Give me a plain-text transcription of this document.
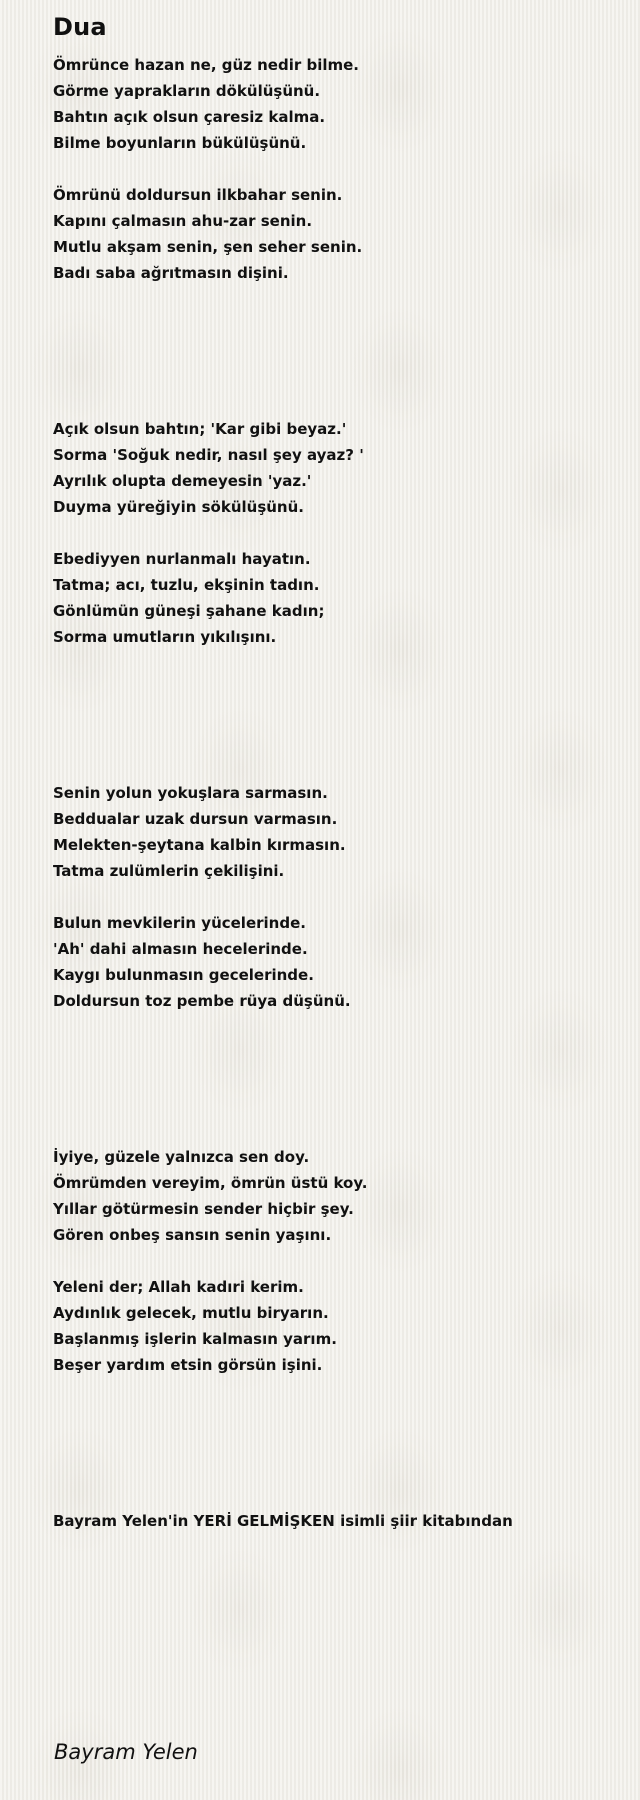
Dua
Ömrünce hazan ne, güz nedir bilme.
Görme yaprakların dökülüşünü.
Bahtın açık olsun çaresiz kalma.
Bilme boyunların bükülüşünü.
Ömrünü doldursun ilkbahar senin.
Kapını çalmasın ahu-zar senin.
Mutlu akşam senin, şen seher senin.
Badı saba ağrıtmasın dişini.
Açık olsun bahtın; 'Kar gibi beyaz.'
Sorma 'Soğuk nedir, nasıl şey ayaz? '
Ayrılık olupta demeyesin 'yaz.'
Duyma yüreğiyin sökülüşünü.
Ebediyyen nurlanmalı hayatın.
Tatma; acı, tuzlu, ekşinin tadın.
Gönlümün güneşi şahane kadın;
Sorma umutların yıkılışını.
Senin yolun yokuşlara sarmasın.
Beddualar uzak dursun varmasın.
Melekten-şeytana kalbin kırmasın.
Tatma zulümlerin çekilişini.
Bulun mevkilerin yücelerinde.
'Ah' dahi almasın hecelerinde.
Kaygı bulunmasın gecelerinde.
Doldursun toz pembe rüya düşünü.
İyiye, güzele yalnızca sen doy.
Ömrümden vereyim, ömrün üstü koy.
Yıllar götürmesin sender hiçbir şey.
Gören onbeş sansın senin yaşını.
Yeleni der; Allah kadıri kerim.
Aydınlık gelecek, mutlu biryarın.
Başlanmış işlerin kalmasın yarım.
Beşer yardım etsin görsün işini.
Bayram Yelen'in YERİ GELMİŞKEN isimli şiir kitabından
Bayram Yelen
